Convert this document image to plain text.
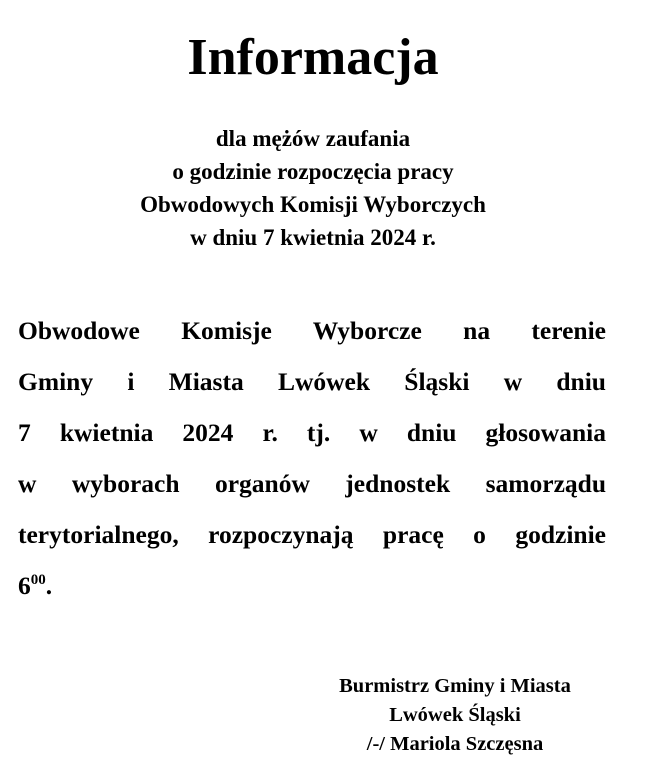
Informacja
dla mężów zaufania
o godzinie rozpoczęcia pracy
Obwodowych Komisji Wyborczych
w dniu 7 kwietnia 2024 r.
Obwodowe Komisje Wyborcze na terenie
Gminy i Miasta Lwówek Śląski w dniu
7 kwietnia 2024 r. tj. w dniu głosowania
w wyborach organów jednostek samorządu
terytorialnego, rozpoczynają pracę o godzinie
$6^{00}$.
Burmistrz Gminy i Miasta
Lwówek Śląski
/-/ Mariola Szczęsna
